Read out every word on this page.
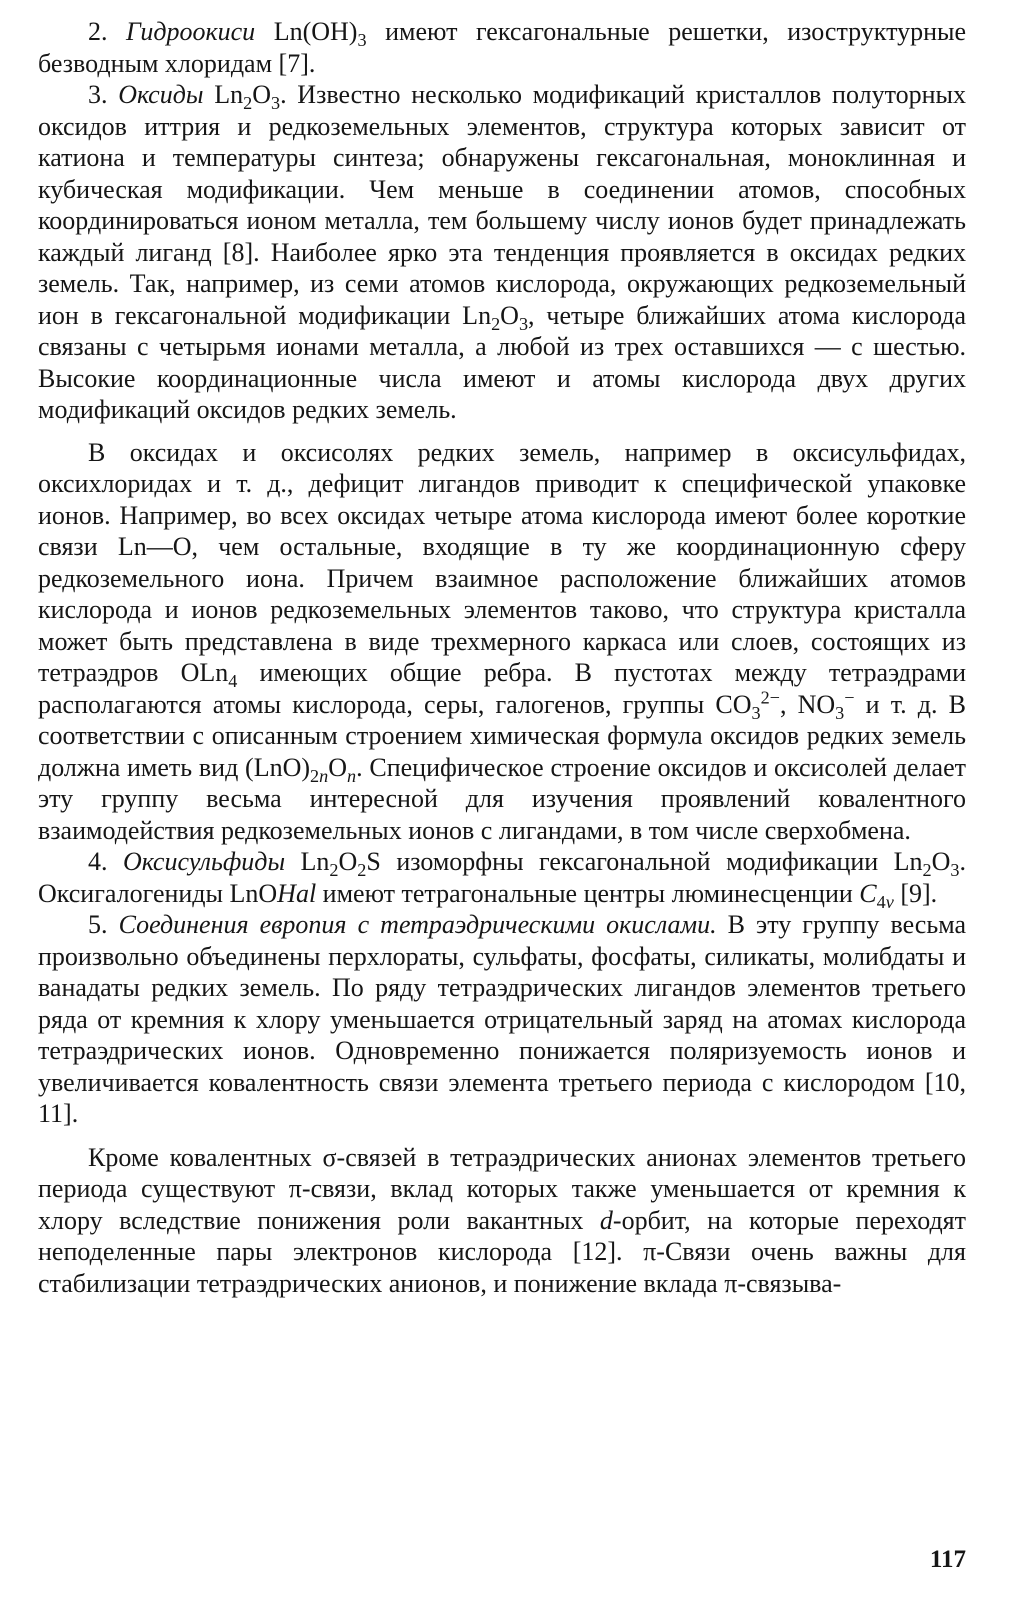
2. Гидроокиси $Ln(OH)_3$ имеют гексагональные решетки, изоструктурные безводным хлоридам [7].

3. Оксиды $Ln_2O_3$. Известно несколько модификаций кристаллов полуторных оксидов иттрия и редкоземельных элементов, структура которых зависит от катиона и температуры синтеза; обнаружены гексагональная, моноклинная и кубическая модификации. Чем меньше в соединении атомов, способных координироваться ионом металла, тем большему числу ионов будет принадлежать каждый лиганд [8]. Наиболее ярко эта тенденция проявляется в оксидах редких земель. Так, например, из семи атомов кислорода, окружающих редкоземельный ион в гексагональной модификации $Ln_2O_3$, четыре ближайших атома кислорода связаны с четырьмя ионами металла, а любой из трех оставшихся — с шестью. Высокие координационные числа имеют и атомы кислорода двух других модификаций оксидов редких земель.

В оксидах и оксисолях редких земель, например в оксисульфидах, оксихлоридах и т. д., дефицит лигандов приводит к специфической упаковке ионов. Например, во всех оксидах четыре атома кислорода имеют более короткие связи Ln—O, чем остальные, входящие в ту же координационную сферу редкоземельного иона. Причем взаимное расположение ближайших атомов кислорода и ионов редкоземельных элементов таково, что структура кристалла может быть представлена в виде трехмерного каркаса или слоев, состоящих из тетраэдров OLn$_4$ имеющих общие ребра. В пустотах между тетраэдрами располагаются атомы кислорода, серы, галогенов, группы $CO_3^{2-}$, $NO_3^-$ и т. д. В соответствии с описанным строением химическая формула оксидов редких земель должна иметь вид $(LnO)_{2n}O_n$. Специфическое строение оксидов и оксисолей делает эту группу весьма интересной для изучения проявлений ковалентного взаимодействия редкоземельных ионов с лигандами, в том числе сверхобмена.

4. Оксисульфиды $Ln_2O_2S$ изоморфны гексагональной модификации $Ln_2O_3$. Оксигалогениды LnOHal имеют тетрагональные центры люминесценции $C_{4v}$ [9].

5. Соединения европия с тетраэдрическими окислами. В эту группу весьма произвольно объединены перхлораты, сульфаты, фосфаты, силикаты, молибдаты и ванадаты редких земель. По ряду тетраэдрических лигандов элементов третьего ряда от кремния к хлору уменьшается отрицательный заряд на атомах кислорода тетраэдрических ионов. Одновременно понижается поляризуемость ионов и увеличивается ковалентность связи элемента третьего периода с кислородом [10, 11].

Кроме ковалентных σ-связей в тетраэдрических анионах элементов третьего периода существуют π-связи, вклад которых также уменьшается от кремния к хлору вследствие понижения роли вакантных d-орбит, на которые переходят неподеленные пары электронов кислорода [12]. π-Связи очень важны для стабилизации тетраэдрических анионов, и понижение вклада π-связыва-

117
